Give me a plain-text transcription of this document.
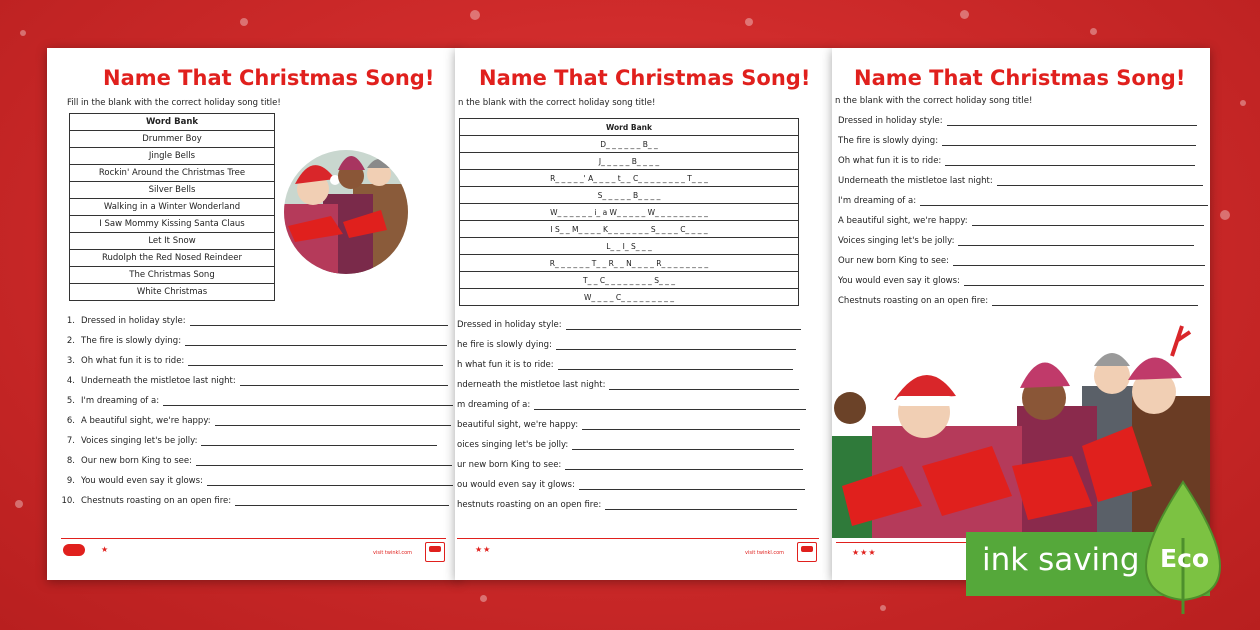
Name That Christmas Song!
Fill in the blank with the correct holiday song title!
Word Bank
Drummer Boy
Jingle Bells
Rockin' Around the Christmas Tree
Silver Bells
Walking in a Winter Wonderland
I Saw Mommy Kissing Santa Claus
Let It Snow
Rudolph the Red Nosed Reindeer
The Christmas Song
White Christmas
1. Dressed in holiday style:
2. The fire is slowly dying:
3. Oh what fun it is to ride:
4. Underneath the mistletoe last night:
5. I'm dreaming of a:
6. A beautiful sight, we're happy:
7. Voices singing let's be jolly:
8. Our new born King to see:
9. You would even say it glows:
10. Chestnuts roasting on an open fire:
★	visit twinkl.com
Name That Christmas Song!
n the blank with the correct holiday song title!
Word Bank
D_ _ _ _ _ _ B_ _
J_ _ _ _ _ B_ _ _ _
R_ _ _ _ _' A_ _ _ _ t_ _ C_ _ _ _ _ _ _ _ T_ _ _
S_ _ _ _ _ B_ _ _ _
W_ _ _ _ _ _ i_ a W_ _ _ _ _ W_ _ _ _ _ _ _ _ _
I S_ _ M_ _ _ _ K_ _ _ _ _ _ _ S_ _ _ _ C_ _ _ _
L_ _ I_ S_ _ _
R_ _ _ _ _ _ T_ _ R_ _ N_ _ _ _ R_ _ _ _ _ _ _ _
T_ _ C_ _ _ _ _ _ _ _ S_ _ _
W_ _ _ _ C_ _ _ _ _ _ _ _ _
Dressed in holiday style:
he fire is slowly dying:
h what fun it is to ride:
nderneath the mistletoe last night:
m dreaming of a:
beautiful sight, we're happy:
oices singing let's be jolly:
ur new born King to see:
ou would even say it glows:
hestnuts roasting on an open fire:
★★	visit twinkl.com
Name That Christmas Song!
n the blank with the correct holiday song title!
Dressed in holiday style:
The fire is slowly dying:
Oh what fun it is to ride:
Underneath the mistletoe last night:
I'm dreaming of a:
A beautiful sight, we're happy:
Voices singing let's be jolly:
Our new born King to see:
You would even say it glows:
Chestnuts roasting on an open fire:
★★★	ink saving Eco
